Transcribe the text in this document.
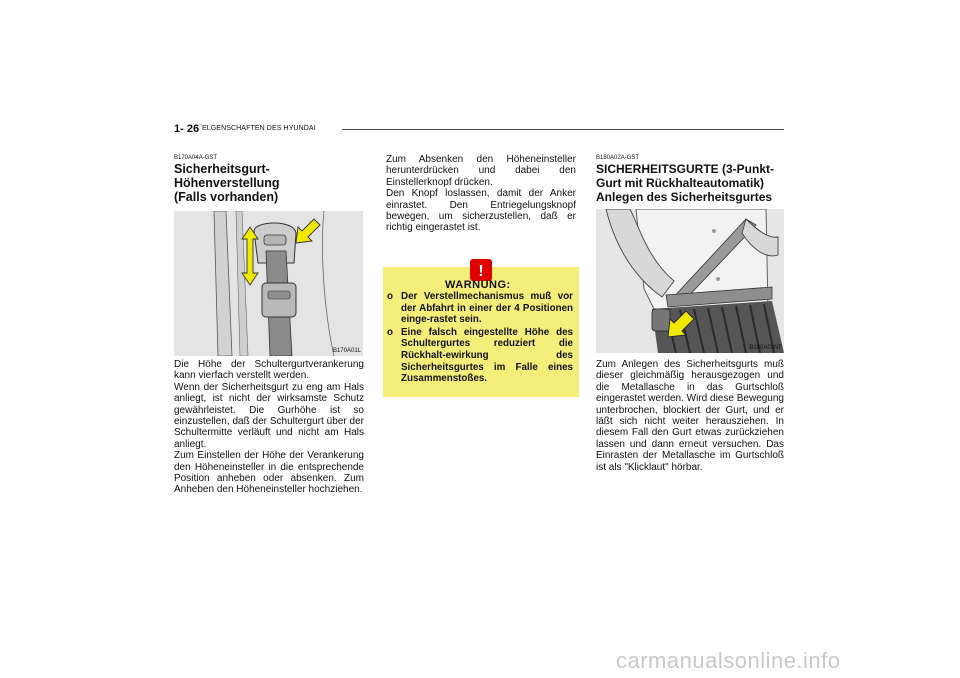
1- 26 ELGENSCHAFTEN DES HYUNDAI
B170A04A-GST
Sicherheitsgurt-
Höhenverstellung
(Falls vorhanden)
B170A01L

Die Höhe der Schultergurtverankerung kann vierfach verstellt werden.

Wenn der Sicherheitsgurt zu eng am Hals anliegt, ist nicht der wirksamste Schutz gewährleistet. Die Gurhöhe ist so einzustellen, daß der Schultergurt über der Schultermitte verläuft und nicht am Hals anliegt.

Zum Einstellen der Höhe der Verankerung den Höheneinsteller in die entsprechende Position anheben oder absenken. Zum Anheben den Höheneinsteller hochziehen.

Zum Absenken den Höheneinsteller herunterdrücken und dabei den Einstellerknopf drücken.

Den Knopf loslassen, damit der Anker einrastet. Den Entriegelungsknopf bewegen, um sicherzustellen, daß er richtig eingerastet ist.

!
WARNUNG:
o Der Verstellmechanismus muß vor der Abfahrt in einer der 4 Positionen einge-rastet sein.
o Eine falsch eingestellte Höhe des Schultergurtes reduziert die Rückhalt-ewirkung des Sicherheitsgurtes im Falle eines Zusammenstoßes.
B180A02A-GST
SICHERHEITSGURTE (3-Punkt-
Gurt mit Rückhalteautomatik)
Anlegen des Sicherheitsgurtes
B180A01NF

Zum Anlegen des Sicherheitsgurts muß dieser gleichmäßig herausgezogen und die Metallasche in das Gurtschloß eingerastet werden. Wird diese Bewegung unterbrochen, blockiert der Gurt, und er läßt sich nicht weiter herausziehen. In diesem Fall den Gurt etwas zurückziehen lassen und dann erneut versuchen. Das Einrasten der Metallasche im Gurtschloß ist als "Klicklaut" hörbar.

carmanualsonline.info
